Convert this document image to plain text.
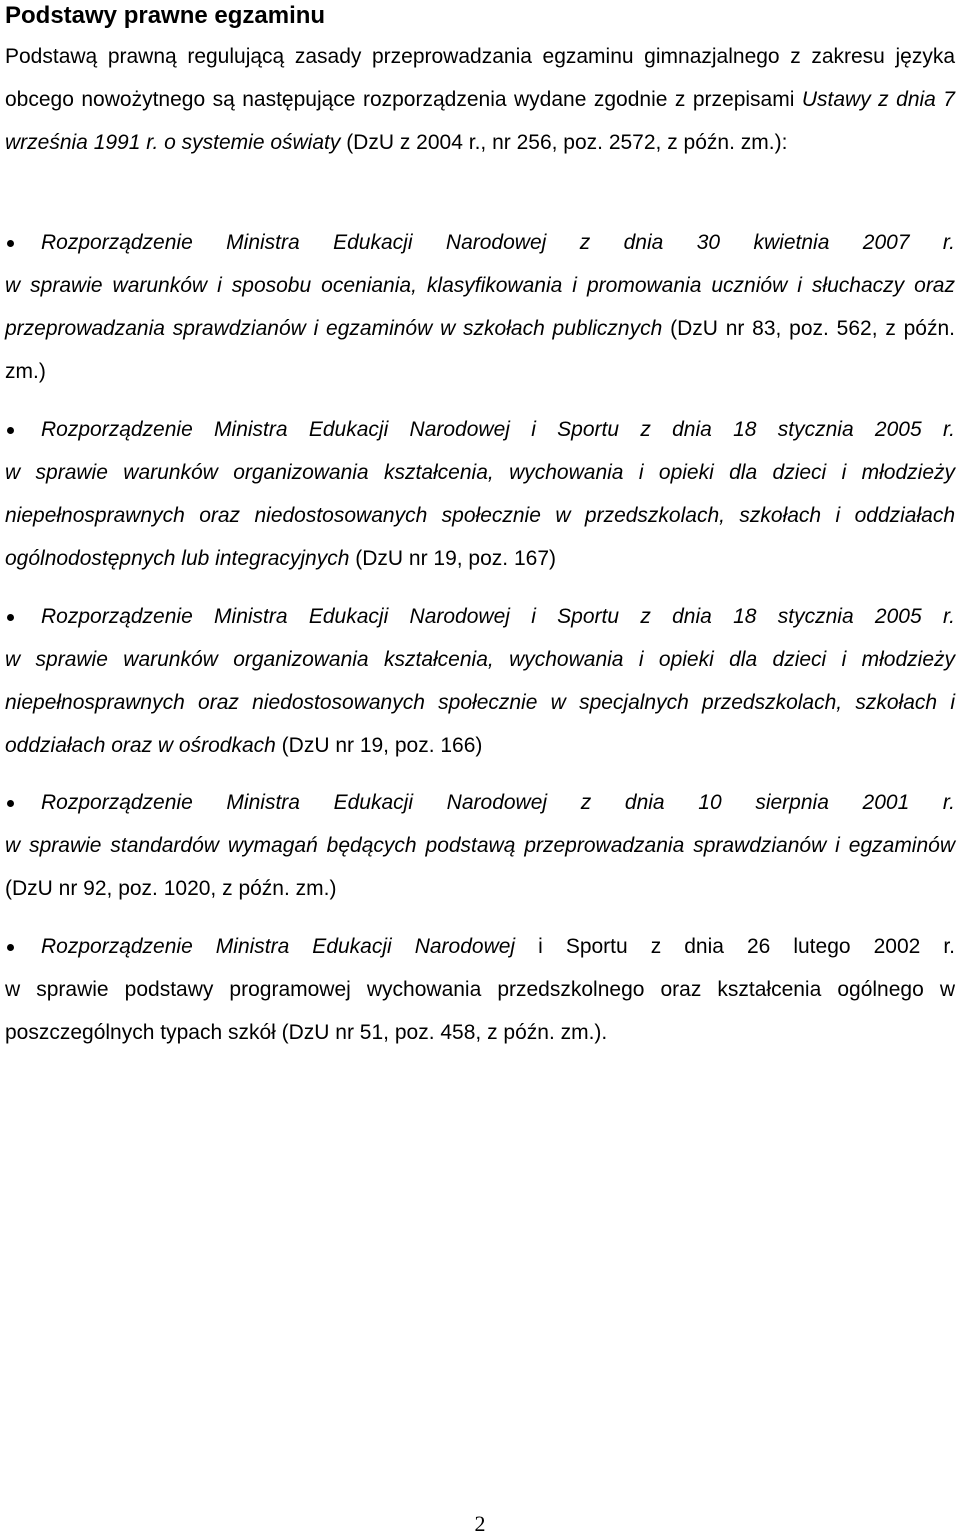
Podstawy prawne egzaminu
Podstawą prawną regulującą zasady przeprowadzania egzaminu gimnazjalnego z zakresu języka obcego nowożytnego są następujące rozporządzenia wydane zgodnie z przepisami Ustawy z dnia 7 września 1991 r. o systemie oświaty (DzU z 2004 r., nr 256, poz. 2572, z późn. zm.):
Rozporządzenie Ministra Edukacji Narodowej z dnia 30 kwietnia 2007 r.
w sprawie warunków i sposobu oceniania, klasyfikowania i promowania uczniów i słuchaczy oraz przeprowadzania sprawdzianów i egzaminów w szkołach publicznych (DzU nr 83, poz. 562, z późn. zm.)
Rozporządzenie Ministra Edukacji Narodowej i Sportu z dnia 18 stycznia 2005 r.
w sprawie warunków organizowania kształcenia, wychowania i opieki dla dzieci i młodzieży niepełnosprawnych oraz niedostosowanych społecznie w przedszkolach, szkołach i oddziałach ogólnodostępnych lub integracyjnych (DzU nr 19, poz. 167)
Rozporządzenie Ministra Edukacji Narodowej i Sportu z dnia 18 stycznia 2005 r.
w sprawie warunków organizowania kształcenia, wychowania i opieki dla dzieci i młodzieży niepełnosprawnych oraz niedostosowanych społecznie w specjalnych przedszkolach, szkołach i oddziałach oraz w ośrodkach (DzU nr 19, poz. 166)
Rozporządzenie Ministra Edukacji Narodowej z dnia 10 sierpnia 2001 r.
w sprawie standardów wymagań będących podstawą przeprowadzania sprawdzianów i egzaminów (DzU nr 92, poz. 1020, z późn. zm.)
Rozporządzenie Ministra Edukacji Narodowej i Sportu z dnia 26 lutego 2002 r.
w sprawie podstawy programowej wychowania przedszkolnego oraz kształcenia ogólnego w poszczególnych typach szkół (DzU nr 51, poz. 458, z późn. zm.).
2
